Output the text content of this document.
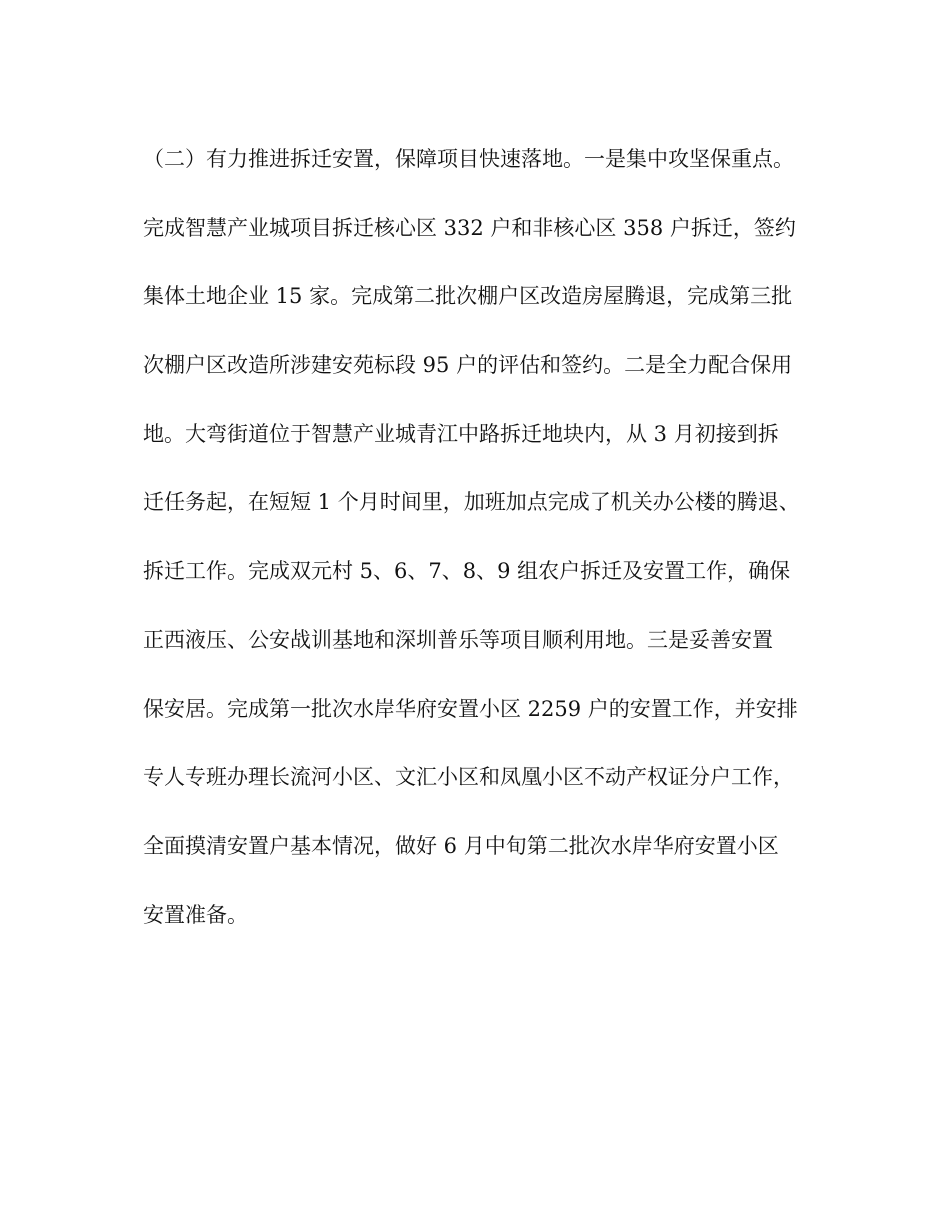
（二）有力推进拆迁安置，保障项目快速落地。一是集中攻坚保重点。
完成智慧产业城项目拆迁核心区 332 户和非核心区 358 户拆迁，签约
集体土地企业 15 家。完成第二批次棚户区改造房屋腾退，完成第三批
次棚户区改造所涉建安苑标段 95 户的评估和签约。二是全力配合保用
地。大弯街道位于智慧产业城青江中路拆迁地块内，从 3 月初接到拆
迁任务起，在短短 1 个月时间里，加班加点完成了机关办公楼的腾退、
拆迁工作。完成双元村 5、6、7、8、9 组农户拆迁及安置工作，确保
正西液压、公安战训基地和深圳普乐等项目顺利用地。三是妥善安置
保安居。完成第一批次水岸华府安置小区 2259 户的安置工作，并安排
专人专班办理长流河小区、文汇小区和凤凰小区不动产权证分户工作，
全面摸清安置户基本情况，做好 6 月中旬第二批次水岸华府安置小区
安置准备。
